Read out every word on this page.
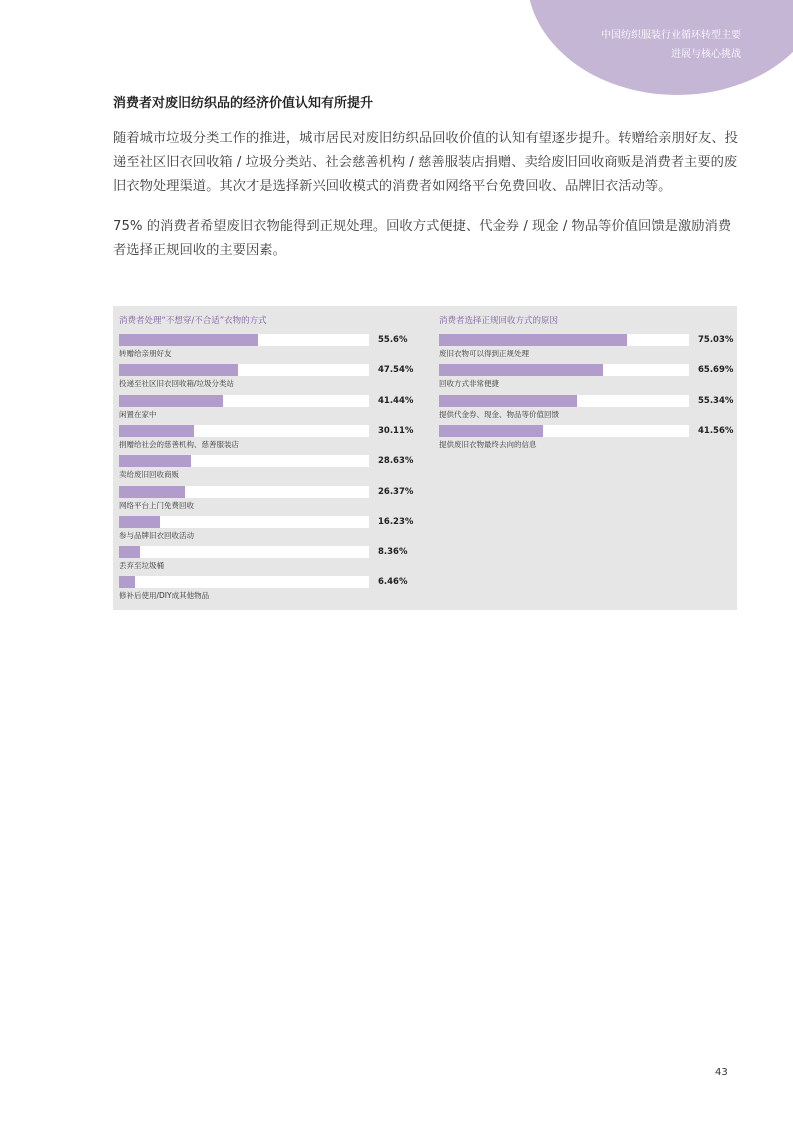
中国纺织服装行业循环转型主要
进展与核心挑战
消费者对废旧纺织品的经济价值认知有所提升
随着城市垃圾分类工作的推进，城市居民对废旧纺织品回收价值的认知有望逐步提升。转赠给亲朋好友、投递至社区旧衣回收箱 / 垃圾分类站、社会慈善机构 / 慈善服装店捐赠、卖给废旧回收商贩是消费者主要的废旧衣物处理渠道。其次才是选择新兴回收模式的消费者如网络平台免费回收、品牌旧衣活动等。
75% 的消费者希望废旧衣物能得到正规处理。回收方式便捷、代金券 / 现金 / 物品等价值回馈是激励消费者选择正规回收的主要因素。
消费者处理“不想穿/不合适”衣物的方式
55.6%
转赠给亲朋好友
47.54%
投递至社区旧衣回收箱/垃圾分类站
41.44%
闲置在家中
30.11%
捐赠给社会的慈善机构、慈善服装店
28.63%
卖给废旧回收商贩
26.37%
网络平台上门免费回收
16.23%
参与品牌旧衣回收活动
8.36%
丢弃至垃圾桶
6.46%
修补后使用/DIY成其他物品
消费者选择正规回收方式的原因
75.03%
废旧衣物可以得到正规处理
65.69%
回收方式非常便捷
55.34%
提供代金券、现金、物品等价值回馈
41.56%
提供废旧衣物最终去向的信息
43
